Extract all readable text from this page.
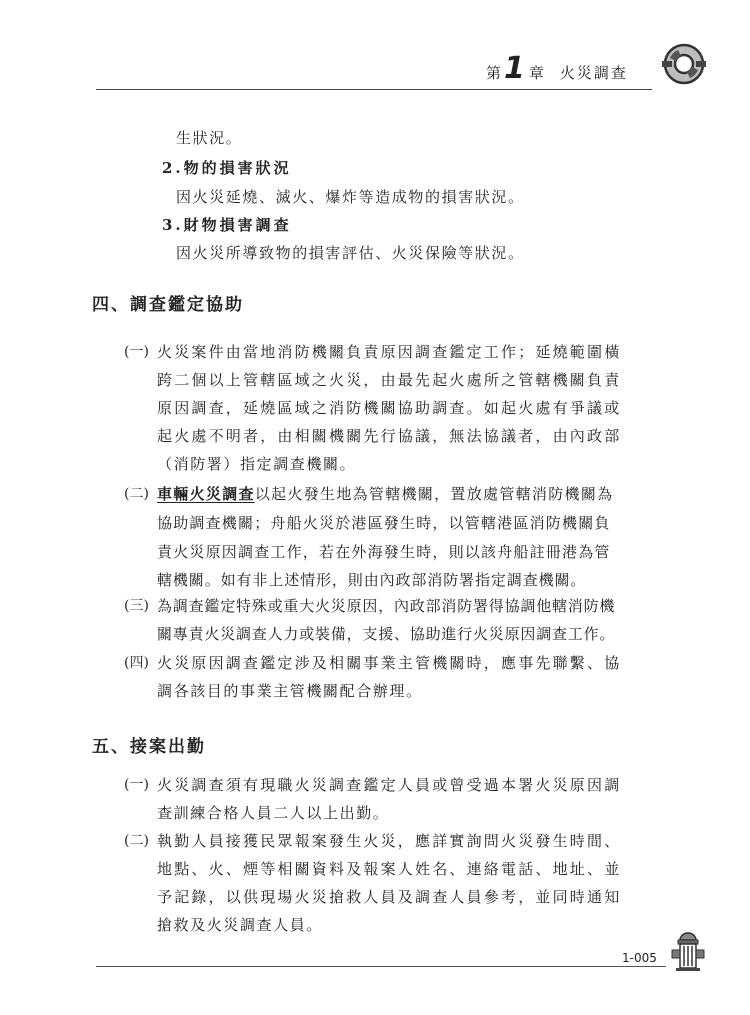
第 1 章 火災調查
生狀況。
2.物的損害狀況
因火災延燒、滅火、爆炸等造成物的損害狀況。
3.財物損害調查
因火災所導致物的損害評估、火災保險等狀況。
四、調查鑑定協助
(一) 火災案件由當地消防機關負責原因調查鑑定工作；延燒範圍橫
跨二個以上管轄區域之火災，由最先起火處所之管轄機關負責
原因調查，延燒區域之消防機關協助調查。如起火處有爭議或
起火處不明者，由相關機關先行協議，無法協議者，由內政部
（消防署）指定調查機關。
(二) 車輛火災調查以起火發生地為管轄機關，置放處管轄消防機關為
協助調查機關；舟船火災於港區發生時，以管轄港區消防機關負
責火災原因調查工作，若在外海發生時，則以該舟船註冊港為管
轄機關。如有非上述情形，則由內政部消防署指定調查機關。
(三) 為調查鑑定特殊或重大火災原因，內政部消防署得協調他轄消防機
關專責火災調查人力或裝備，支援、協助進行火災原因調查工作。
(四) 火災原因調查鑑定涉及相關事業主管機關時，應事先聯繫、協
調各該目的事業主管機關配合辦理。
五、接案出勤
(一) 火災調查須有現職火災調查鑑定人員或曾受過本署火災原因調
查訓練合格人員二人以上出勤。
(二) 執勤人員接獲民眾報案發生火災，應詳實詢問火災發生時間、
地點、火、煙等相關資料及報案人姓名、連絡電話、地址、並
予記錄，以供現場火災搶救人員及調查人員參考，並同時通知
搶救及火災調查人員。
1-005
